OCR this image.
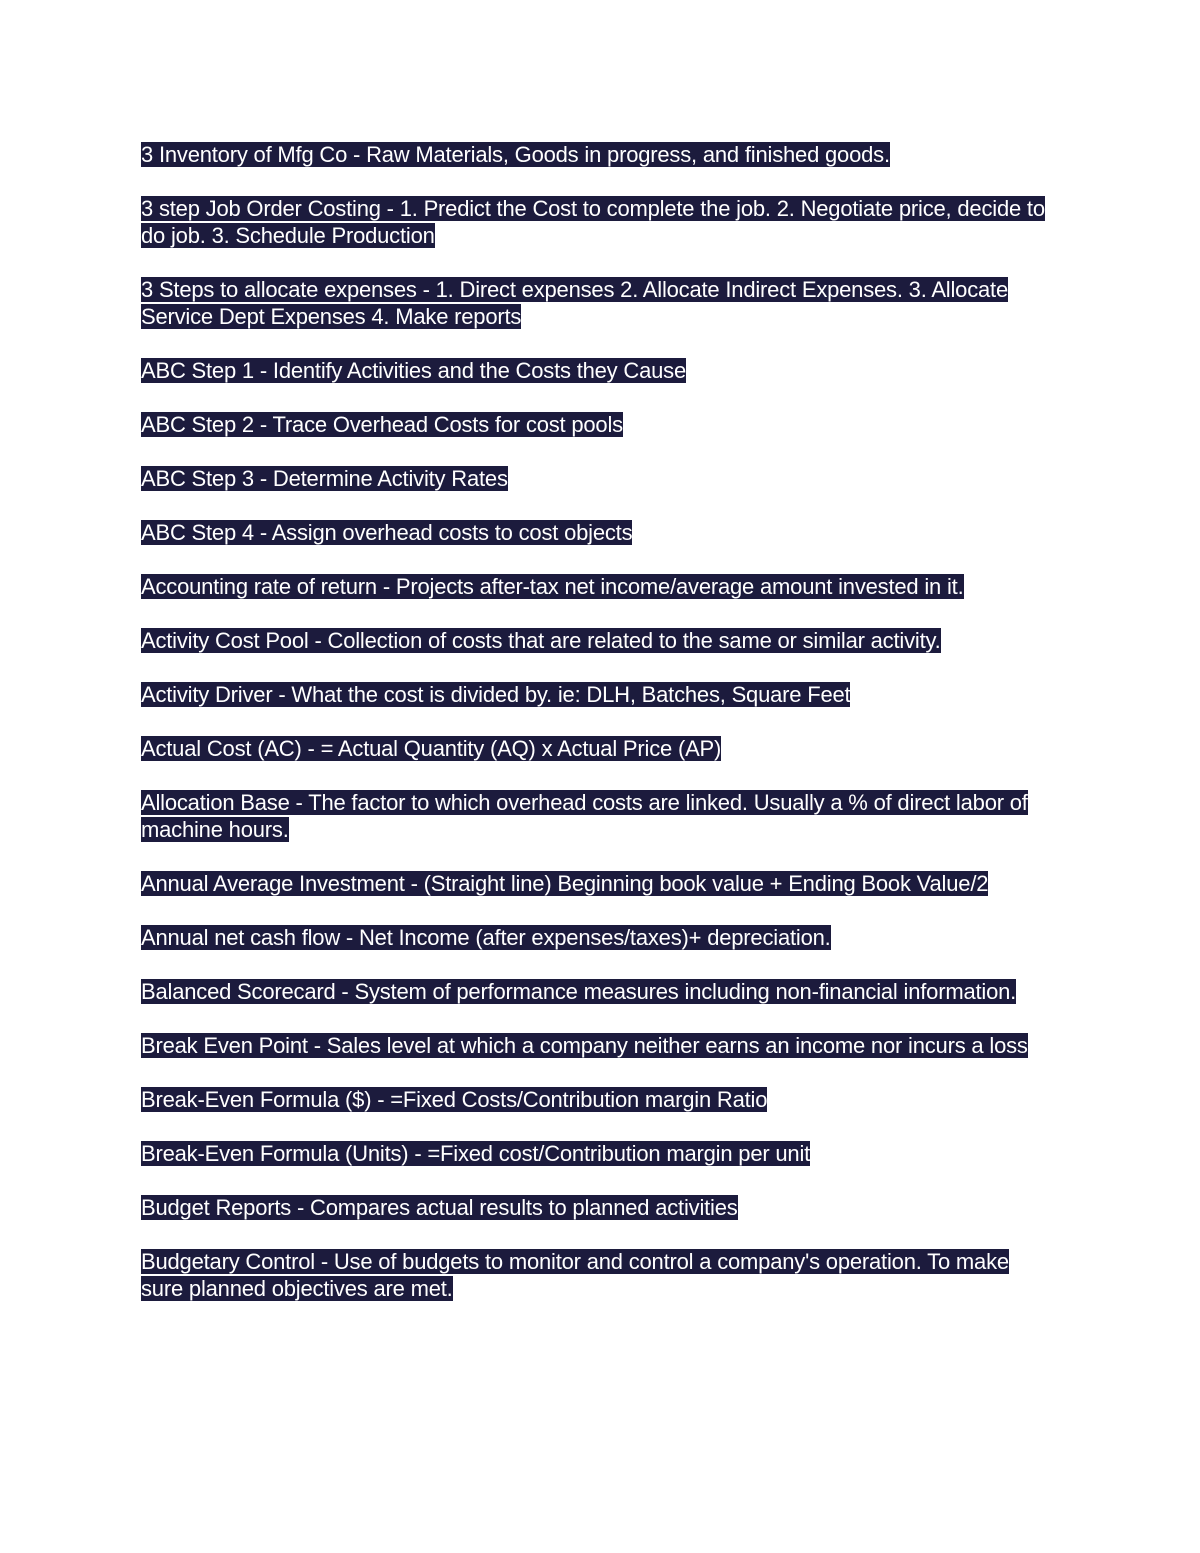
3 Inventory of Mfg Co - Raw Materials, Goods in progress, and finished goods.

3 step Job Order Costing - 1. Predict the Cost to complete the job. 2. Negotiate price, decide to do job. 3. Schedule Production

3 Steps to allocate expenses - 1. Direct expenses 2. Allocate Indirect Expenses. 3. Allocate Service Dept Expenses 4. Make reports

ABC Step 1 - Identify Activities and the Costs they Cause

ABC Step 2 - Trace Overhead Costs for cost pools

ABC Step 3 - Determine Activity Rates

ABC Step 4 - Assign overhead costs to cost objects

Accounting rate of return - Projects after-tax net income/average amount invested in it.

Activity Cost Pool - Collection of costs that are related to the same or similar activity.

Activity Driver - What the cost is divided by. ie: DLH, Batches, Square Feet

Actual Cost (AC) - = Actual Quantity (AQ) x Actual Price (AP)

Allocation Base - The factor to which overhead costs are linked. Usually a % of direct labor of machine hours.

Annual Average Investment - (Straight line) Beginning book value + Ending Book Value/2

Annual net cash flow - Net Income (after expenses/taxes)+ depreciation.

Balanced Scorecard - System of performance measures including non-financial information.

Break Even Point - Sales level at which a company neither earns an income nor incurs a loss

Break-Even Formula ($) - =Fixed Costs/Contribution margin Ratio

Break-Even Formula (Units) - =Fixed cost/Contribution margin per unit

Budget Reports - Compares actual results to planned activities

Budgetary Control - Use of budgets to monitor and control a company's operation. To make sure planned objectives are met.
